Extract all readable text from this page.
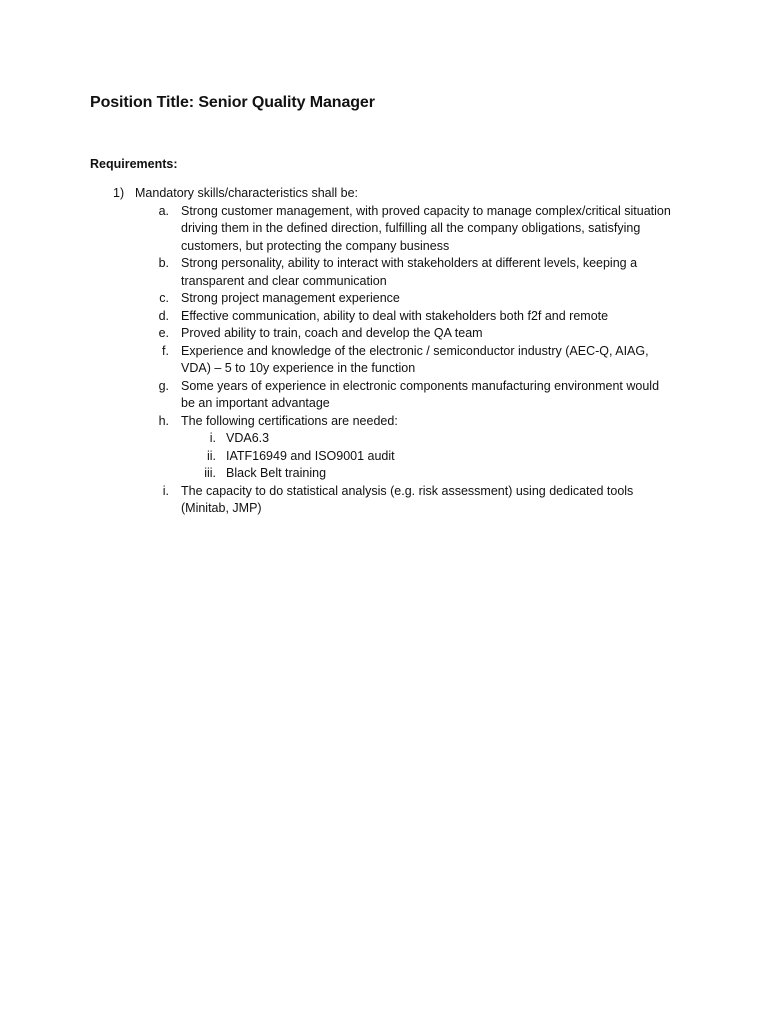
Position Title: Senior Quality Manager
Requirements:
1) Mandatory skills/characteristics shall be:
a. Strong customer management, with proved capacity to manage complex/critical situation driving them in the defined direction, fulfilling all the company obligations, satisfying customers, but protecting the company business
b. Strong personality, ability to interact with stakeholders at different levels, keeping a transparent and clear communication
c. Strong project management experience
d. Effective communication, ability to deal with stakeholders both f2f and remote
e. Proved ability to train, coach and develop the QA team
f. Experience and knowledge of the electronic / semiconductor industry (AEC-Q, AIAG, VDA) – 5 to 10y experience in the function
g. Some years of experience in electronic components manufacturing environment would be an important advantage
h. The following certifications are needed:
i. VDA6.3
ii. IATF16949 and ISO9001 audit
iii. Black Belt training
i. The capacity to do statistical analysis (e.g. risk assessment) using dedicated tools (Minitab, JMP)
